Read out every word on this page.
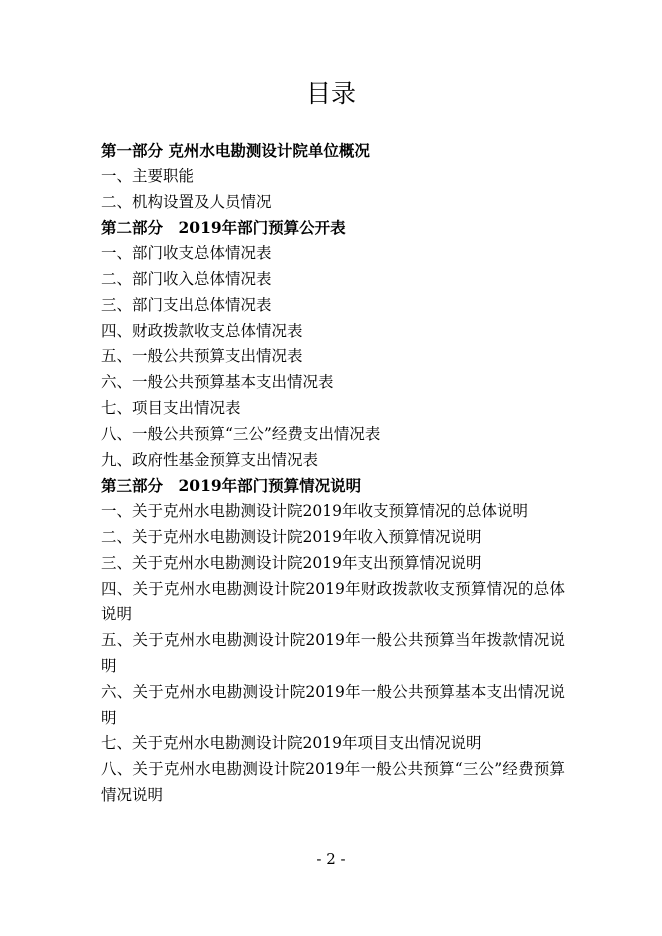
目录
第一部分 克州水电勘测设计院单位概况
一、主要职能
二、机构设置及人员情况
第二部分　2019年部门预算公开表
一、部门收支总体情况表
二、部门收入总体情况表
三、部门支出总体情况表
四、财政拨款收支总体情况表
五、一般公共预算支出情况表
六、一般公共预算基本支出情况表
七、项目支出情况表
八、一般公共预算“三公”经费支出情况表
九、政府性基金预算支出情况表
第三部分　2019年部门预算情况说明
一、关于克州水电勘测设计院2019年收支预算情况的总体说明
二、关于克州水电勘测设计院2019年收入预算情况说明
三、关于克州水电勘测设计院2019年支出预算情况说明
四、关于克州水电勘测设计院2019年财政拨款收支预算情况的总体说明
五、关于克州水电勘测设计院2019年一般公共预算当年拨款情况说明
六、关于克州水电勘测设计院2019年一般公共预算基本支出情况说明
七、关于克州水电勘测设计院2019年项目支出情况说明
八、关于克州水电勘测设计院2019年一般公共预算“三公”经费预算情况说明
- 2 -
